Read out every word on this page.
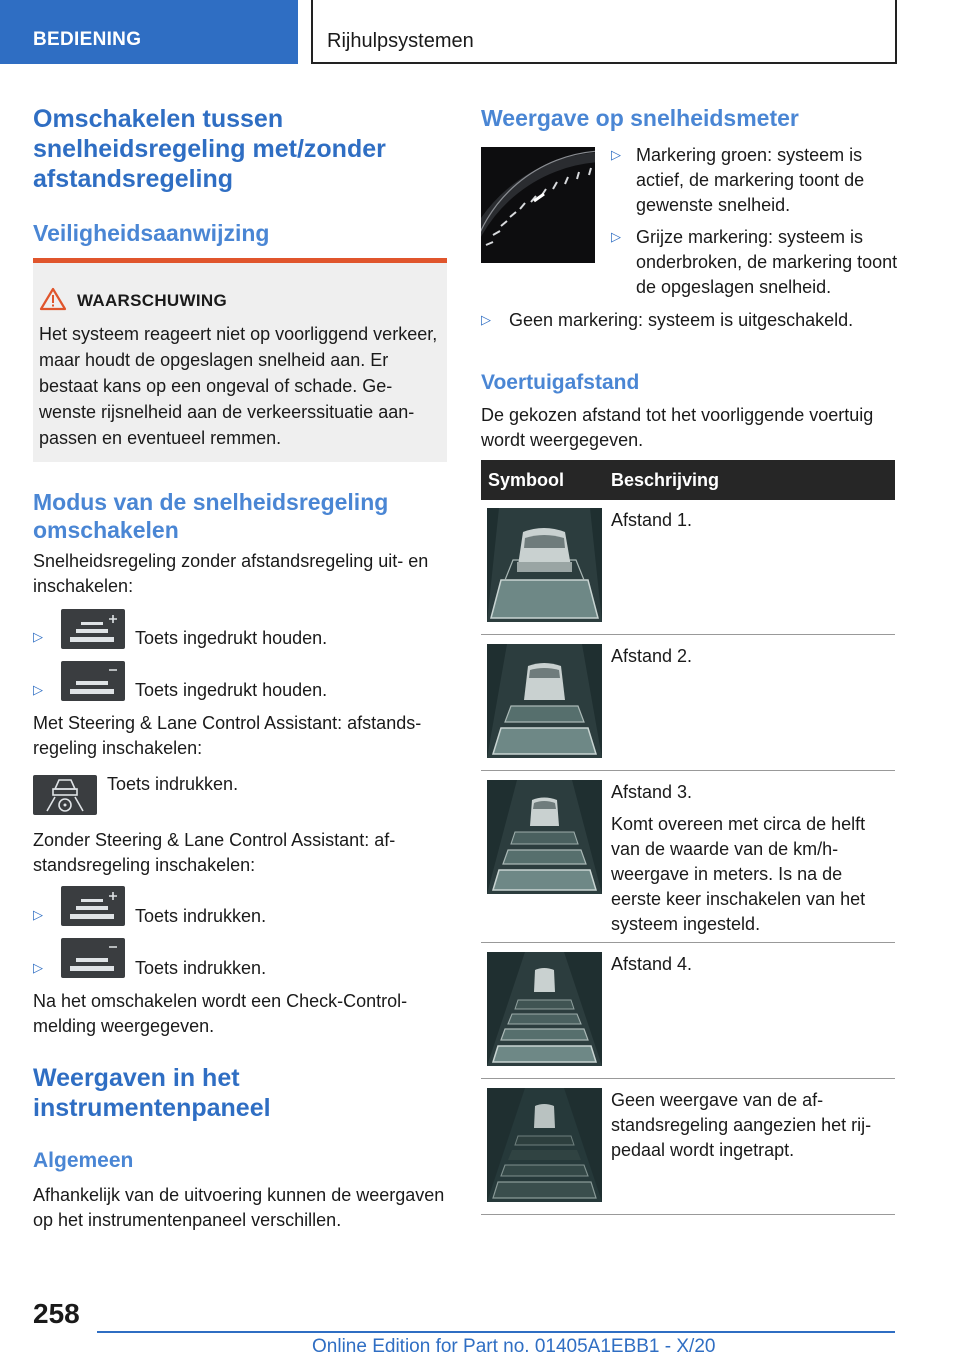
BEDIENING	Rijhulpsystemen
Omschakelen tussen snelheidsregeling met/zonder afstandsregeling
Veiligheidsaanwijzing
WAARSCHUWING
Het systeem reageert niet op voorliggend verkeer, maar houdt de opgeslagen snelheid aan. Er bestaat kans op een ongeval of schade. Gewenste rijsnelheid aan de verkeerssituatie aanpassen en eventueel remmen.
Modus van de snelheidsregeling omschakelen
Snelheidsregeling zonder afstandsregeling uit- en inschakelen:
▷	Toets ingedrukt houden.
▷	Toets ingedrukt houden.
Met Steering & Lane Control Assistant: afstandsregeling inschakelen:
Toets indrukken.
Zonder Steering & Lane Control Assistant: afstandsregeling inschakelen:
▷	Toets indrukken.
▷	Toets indrukken.
Na het omschakelen wordt een Check-Control-melding weergegeven.
Weergaven in het instrumentenpaneel
Algemeen
Afhankelijk van de uitvoering kunnen de weergaven op het instrumentenpaneel verschillen.
Weergave op snelheidsmeter
▷ Markering groen: systeem is actief, de markering toont de gewenste snelheid.
▷ Grijze markering: systeem is onderbroken, de markering toont de opgeslagen snelheid.
▷ Geen markering: systeem is uitgeschakeld.
Voertuigafstand
De gekozen afstand tot het voorliggende voertuig wordt weergegeven.
Symbool	Beschrijving
Afstand 1.
Afstand 2.
Afstand 3.
Komt overeen met circa de helft van de waarde van de km/h-weergave in meters. Is na de eerste keer inschakelen van het systeem ingesteld.
Afstand 4.
Geen weergave van de afstandsregeling aangezien het rijpedaal wordt ingetrapt.
258
Online Edition for Part no. 01405A1EBB1 - X/20
